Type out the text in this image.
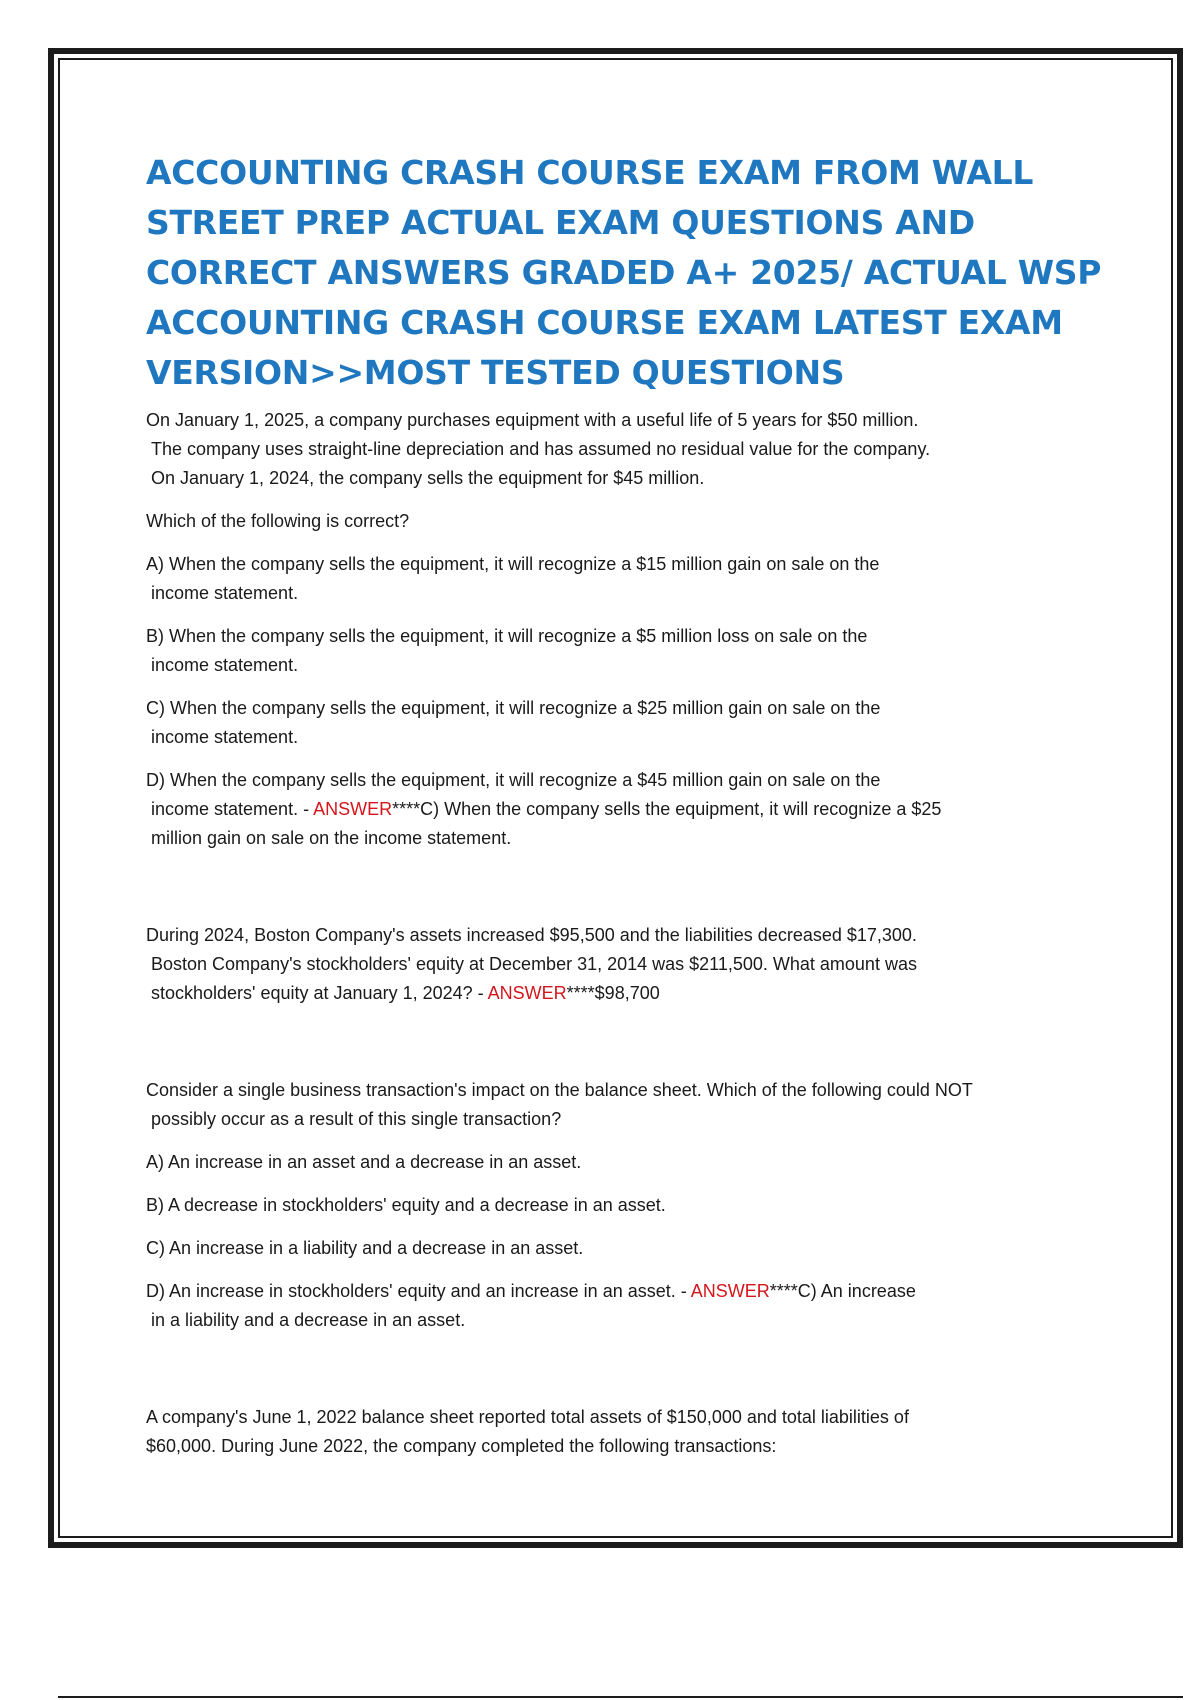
ACCOUNTING CRASH COURSE EXAM FROM WALL STREET PREP ACTUAL EXAM QUESTIONS AND CORRECT ANSWERS GRADED A+ 2025/ ACTUAL WSP ACCOUNTING CRASH COURSE EXAM LATEST EXAM VERSION>>MOST TESTED QUESTIONS

On January 1, 2025, a company purchases equipment with a useful life of 5 years for $50 million.
The company uses straight-line depreciation and has assumed no residual value for the company.
On January 1, 2024, the company sells the equipment for $45 million.

Which of the following is correct?

A) When the company sells the equipment, it will recognize a $15 million gain on sale on the
income statement.

B) When the company sells the equipment, it will recognize a $5 million loss on sale on the
income statement.

C) When the company sells the equipment, it will recognize a $25 million gain on sale on the
income statement.

D) When the company sells the equipment, it will recognize a $45 million gain on sale on the
income statement. - ANSWER****C) When the company sells the equipment, it will recognize a $25
million gain on sale on the income statement.

During 2024, Boston Company's assets increased $95,500 and the liabilities decreased $17,300.
Boston Company's stockholders' equity at December 31, 2014 was $211,500. What amount was
stockholders' equity at January 1, 2024? - ANSWER****$98,700

Consider a single business transaction's impact on the balance sheet. Which of the following could NOT
possibly occur as a result of this single transaction?

A) An increase in an asset and a decrease in an asset.

B) A decrease in stockholders' equity and a decrease in an asset.

C) An increase in a liability and a decrease in an asset.

D) An increase in stockholders' equity and an increase in an asset. - ANSWER****C) An increase
in a liability and a decrease in an asset.

A company's June 1, 2022 balance sheet reported total assets of $150,000 and total liabilities of
$60,000. During June 2022, the company completed the following transactions:
